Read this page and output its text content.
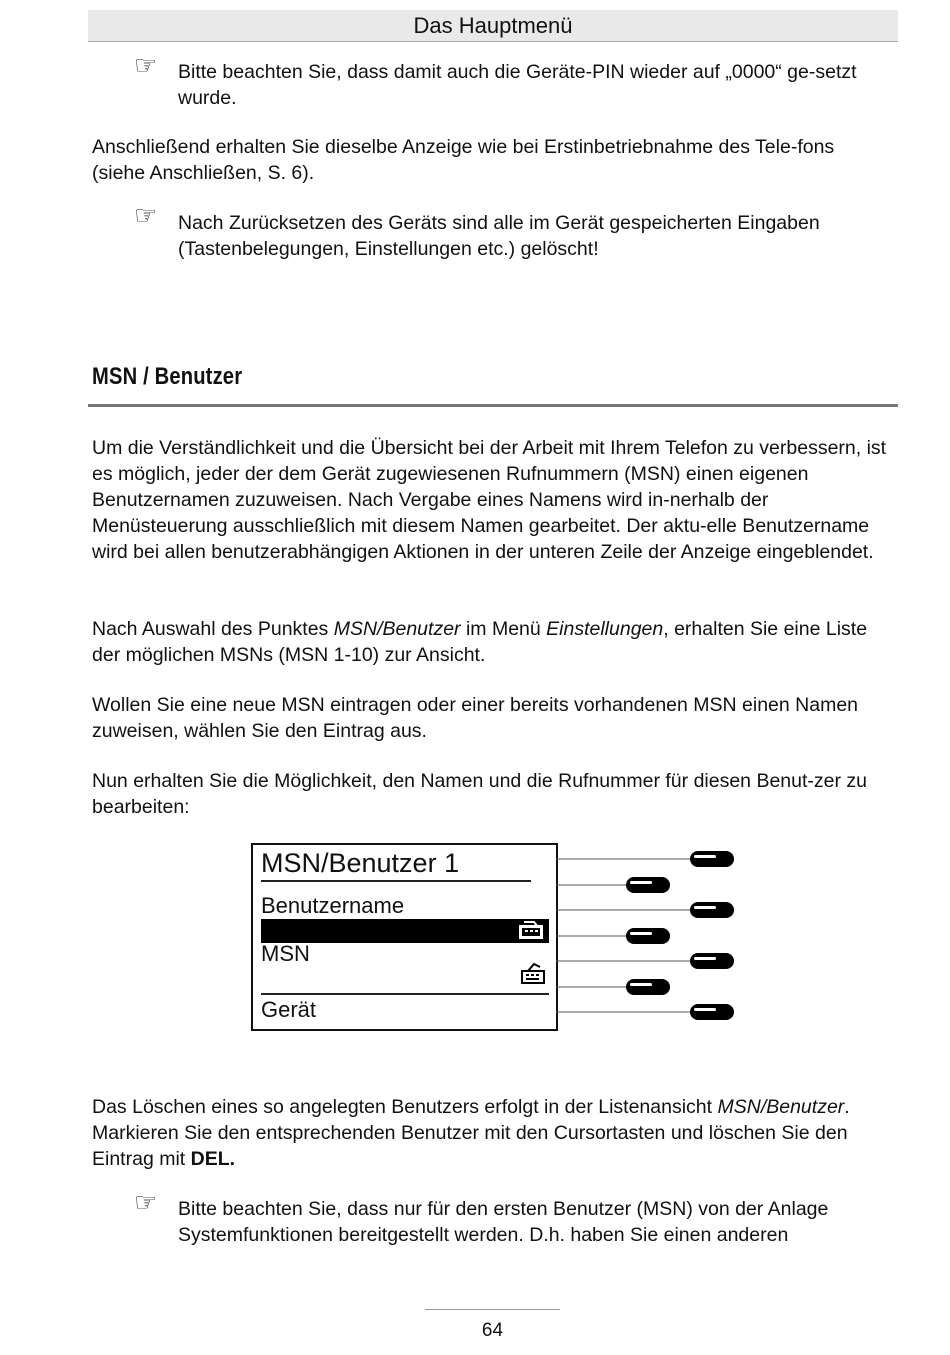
Das Hauptmenü
☞ Bitte beachten Sie, dass damit auch die Geräte-PIN wieder auf „0000“ ge-setzt wurde.

Anschließend erhalten Sie dieselbe Anzeige wie bei Erstinbetriebnahme des Tele-fons (siehe Anschließen, S. 6).

☞ Nach Zurücksetzen des Geräts sind alle im Gerät gespeicherten Eingaben (Tastenbelegungen, Einstellungen etc.) gelöscht!

MSN / Benutzer

Um die Verständlichkeit und die Übersicht bei der Arbeit mit Ihrem Telefon zu verbessern, ist es möglich, jeder der dem Gerät zugewiesenen Rufnummern (MSN) einen eigenen Benutzernamen zuzuweisen. Nach Vergabe eines Namens wird in-nerhalb der Menüsteuerung ausschließlich mit diesem Namen gearbeitet. Der aktu-elle Benutzername wird bei allen benutzerabhängigen Aktionen in der unteren Zeile der Anzeige eingeblendet.

Nach Auswahl des Punktes MSN/Benutzer im Menü Einstellungen, erhalten Sie eine Liste der möglichen MSNs (MSN 1-10) zur Ansicht.

Wollen Sie eine neue MSN eintragen oder einer bereits vorhandenen MSN einen Namen zuweisen, wählen Sie den Eintrag aus.

Nun erhalten Sie die Möglichkeit, den Namen und die Rufnummer für diesen Benut-zer zu bearbeiten:

MSN/Benutzer 1
Benutzername
MSN
Gerät

Das Löschen eines so angelegten Benutzers erfolgt in der Listenansicht MSN/Benutzer. Markieren Sie den entsprechenden Benutzer mit den Cursortasten und löschen Sie den Eintrag mit DEL.

☞ Bitte beachten Sie, dass nur für den ersten Benutzer (MSN) von der Anlage Systemfunktionen bereitgestellt werden. D.h. haben Sie einen anderen

64
